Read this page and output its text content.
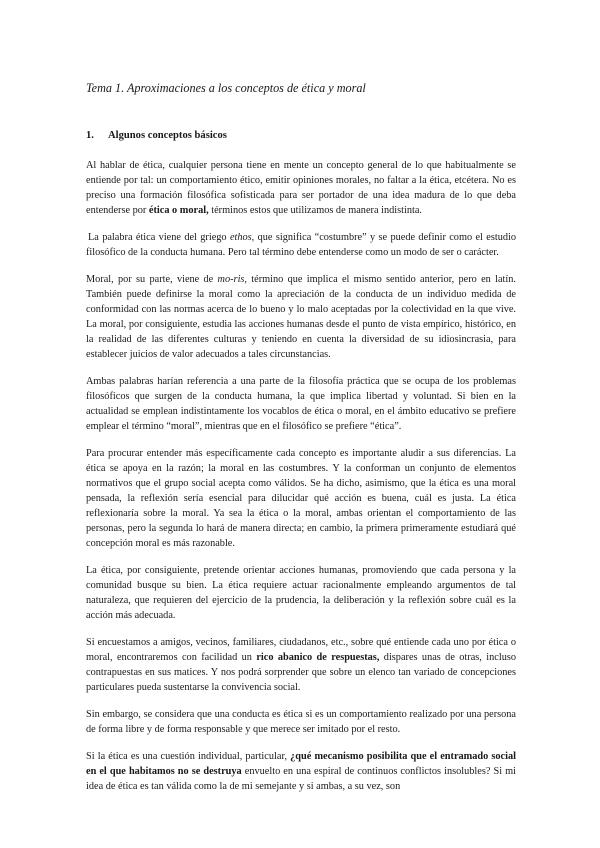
Tema 1. Aproximaciones a los conceptos de ética y moral
1. Algunos conceptos básicos

Al hablar de ética, cualquier persona tiene en mente un concepto general de lo que habitualmente se entiende por tal: un comportamiento ético, emitir opiniones morales, no faltar a la ética, etcétera. No es preciso una formación filosófica sofisticada para ser portador de una idea madura de lo que deba entenderse por ética o moral, términos estos que utilizamos de manera indistinta.

La palabra ética viene del griego ethos, que significa “costumbre” y se puede definir como el estudio filosófico de la conducta humana. Pero tal término debe entenderse como un modo de ser o carácter.

Moral, por su parte, viene de mo-ris, término que implica el mismo sentido anterior, pero en latín. También puede definirse la moral como la apreciación de la conducta de un individuo medida de conformidad con las normas acerca de lo bueno y lo malo aceptadas por la colectividad en la que vive. La moral, por consiguiente, estudia las acciones humanas desde el punto de vista empírico, histórico, en la realidad de las diferentes culturas y teniendo en cuenta la diversidad de su idiosincrasia, para establecer juicios de valor adecuados a tales circunstancias.

Ambas palabras harían referencia a una parte de la filosofía práctica que se ocupa de los problemas filosóficos que surgen de la conducta humana, la que implica libertad y voluntad. Si bien en la actualidad se emplean indistintamente los vocablos de ética o moral, en el ámbito educativo se prefiere emplear el término “moral”, mientras que en el filosófico se prefiere “ética”.

Para procurar entender más específicamente cada concepto es importante aludir a sus diferencias. La ética se apoya en la razón; la moral en las costumbres. Y la conforman un conjunto de elementos normativos que el grupo social acepta como válidos. Se ha dicho, asimismo, que la ética es una moral pensada, la reflexión sería esencial para dilucidar qué acción es buena, cuál es justa. La ética reflexionaría sobre la moral. Ya sea la ética o la moral, ambas orientan el comportamiento de las personas, pero la segunda lo hará de manera directa; en cambio, la primera primeramente estudiará qué concepción moral es más razonable.

La ética, por consiguiente, pretende orientar acciones humanas, promoviendo que cada persona y la comunidad busque su bien. La ética requiere actuar racionalmente empleando argumentos de tal naturaleza, que requieren del ejercicio de la prudencia, la deliberación y la reflexión sobre cuál es la acción más adecuada.

Si encuestamos a amigos, vecinos, familiares, ciudadanos, etc., sobre qué entiende cada uno por ética o moral, encontraremos con facilidad un rico abanico de respuestas, dispares unas de otras, incluso contrapuestas en sus matices. Y nos podrá sorprender que sobre un elenco tan variado de concepciones particulares pueda sustentarse la convivencia social.

Sin embargo, se considera que una conducta es ética si es un comportamiento realizado por una persona de forma libre y de forma responsable y que merece ser imitado por el resto.

Si la ética es una cuestión individual, particular, ¿qué mecanismo posibilita que el entramado social en el que habitamos no se destruya envuelto en una espiral de continuos conflictos insolubles? Si mi idea de ética es tan válida como la de mi semejante y si ambas, a su vez, son
